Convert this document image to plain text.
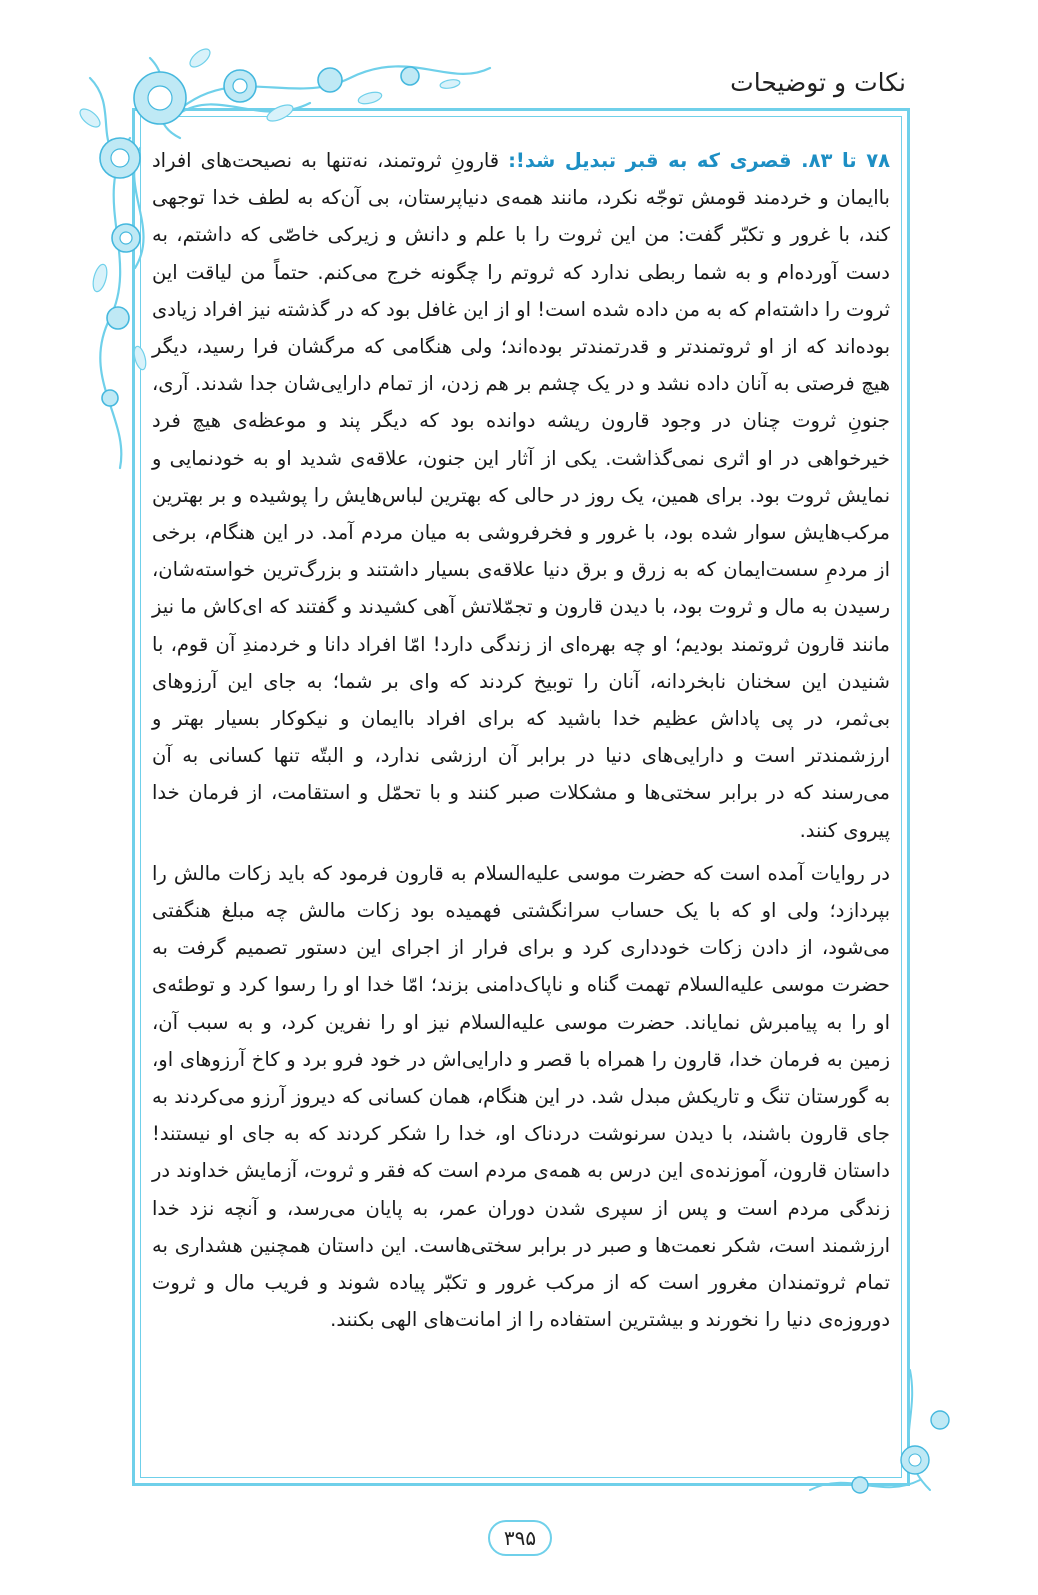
نکات و توضیحات

۷۸ تا ۸۳. قصری که به قبر تبدیل شد!: قارونِ ثروتمند، نه‌تنها به نصیحت‌های افراد باایمان و خردمند قومش توجّه نکرد، مانند همه‌ی دنیاپرستان، بی آن‌که به لطف خدا توجهی کند، با غرور و تکبّر گفت: من این ثروت را با علم و دانش و زیرکی خاصّی که داشتم، به دست آورده‌ام و به شما ربطی ندارد که ثروتم را چگونه خرج می‌کنم. حتماً من لیاقت این ثروت را داشته‌ام که به من داده شده است! او از این غافل بود که در گذشته نیز افراد زیادی بوده‌اند که از او ثروتمندتر و قدرتمندتر بوده‌اند؛ ولی هنگامی که مرگشان فرا رسید، دیگر هیچ فرصتی به آنان داده نشد و در یک چشم بر هم زدن، از تمام دارایی‌شان جدا شدند. آری، جنونِ ثروت چنان در وجود قارون ریشه دوانده بود که دیگر پند و موعظه‌ی هیچ فرد خیرخواهی در او اثری نمی‌گذاشت. یکی از آثار این جنون، علاقه‌ی شدید او به خودنمایی و نمایش ثروت بود. برای همین، یک روز در حالی که بهترین لباس‌هایش را پوشیده و بر بهترین مرکب‌هایش سوار شده بود، با غرور و فخرفروشی به میان مردم آمد. در این هنگام، برخی از مردمِ سست‌ایمان که به زرق و برق دنیا علاقه‌ی بسیار داشتند و بزرگ‌ترین خواسته‌شان، رسیدن به مال و ثروت بود، با دیدن قارون و تجمّلاتش آهی کشیدند و گفتند که ای‌کاش ما نیز مانند قارون ثروتمند بودیم؛ او چه بهره‌ای از زندگی دارد! امّا افراد دانا و خردمندِ آن قوم، با شنیدن این سخنان نابخردانه، آنان را توبیخ کردند که وای بر شما؛ به جای این آرزوهای بی‌ثمر، در پی پاداش عظیم خدا باشید که برای افراد باایمان و نیکوکار بسیار بهتر و ارزشمندتر است و دارایی‌های دنیا در برابر آن ارزشی ندارد، و البتّه تنها کسانی به آن می‌رسند که در برابر سختی‌ها و مشکلات صبر کنند و با تحمّل و استقامت، از فرمان خدا پیروی کنند.

در روایات آمده است که حضرت موسی علیه‌السلام به قارون فرمود که باید زکات مالش را بپردازد؛ ولی او که با یک حساب سرانگشتی فهمیده بود زکات مالش چه مبلغ هنگفتی می‌شود، از دادن زکات خودداری کرد و برای فرار از اجرای این دستور تصمیم گرفت به حضرت موسی علیه‌السلام تهمت گناه و ناپاک‌دامنی بزند؛ امّا خدا او را رسوا کرد و توطئه‌ی او را به پیامبرش نمایاند. حضرت موسی علیه‌السلام نیز او را نفرین کرد، و به سبب آن، زمین به فرمان خدا، قارون را همراه با قصر و دارایی‌اش در خود فرو برد و کاخ آرزوهای او، به گورستان تنگ و تاریکش مبدل شد. در این هنگام، همان کسانی که دیروز آرزو می‌کردند به جای قارون باشند، با دیدن سرنوشت دردناک او، خدا را شکر کردند که به جای او نیستند! داستان قارون، آموزنده‌ی این درس به همه‌ی مردم است که فقر و ثروت، آزمایش خداوند در زندگی مردم است و پس از سپری شدن دوران عمر، به پایان می‌رسد، و آنچه نزد خدا ارزشمند است، شکر نعمت‌ها و صبر در برابر سختی‌هاست. این داستان همچنین هشداری به تمام ثروتمندان مغرور است که از مرکب غرور و تکبّر پیاده شوند و فریب مال و ثروت دوروزه‌ی دنیا را نخورند و بیشترین استفاده را از امانت‌های الهی بکنند.

۳۹۵
